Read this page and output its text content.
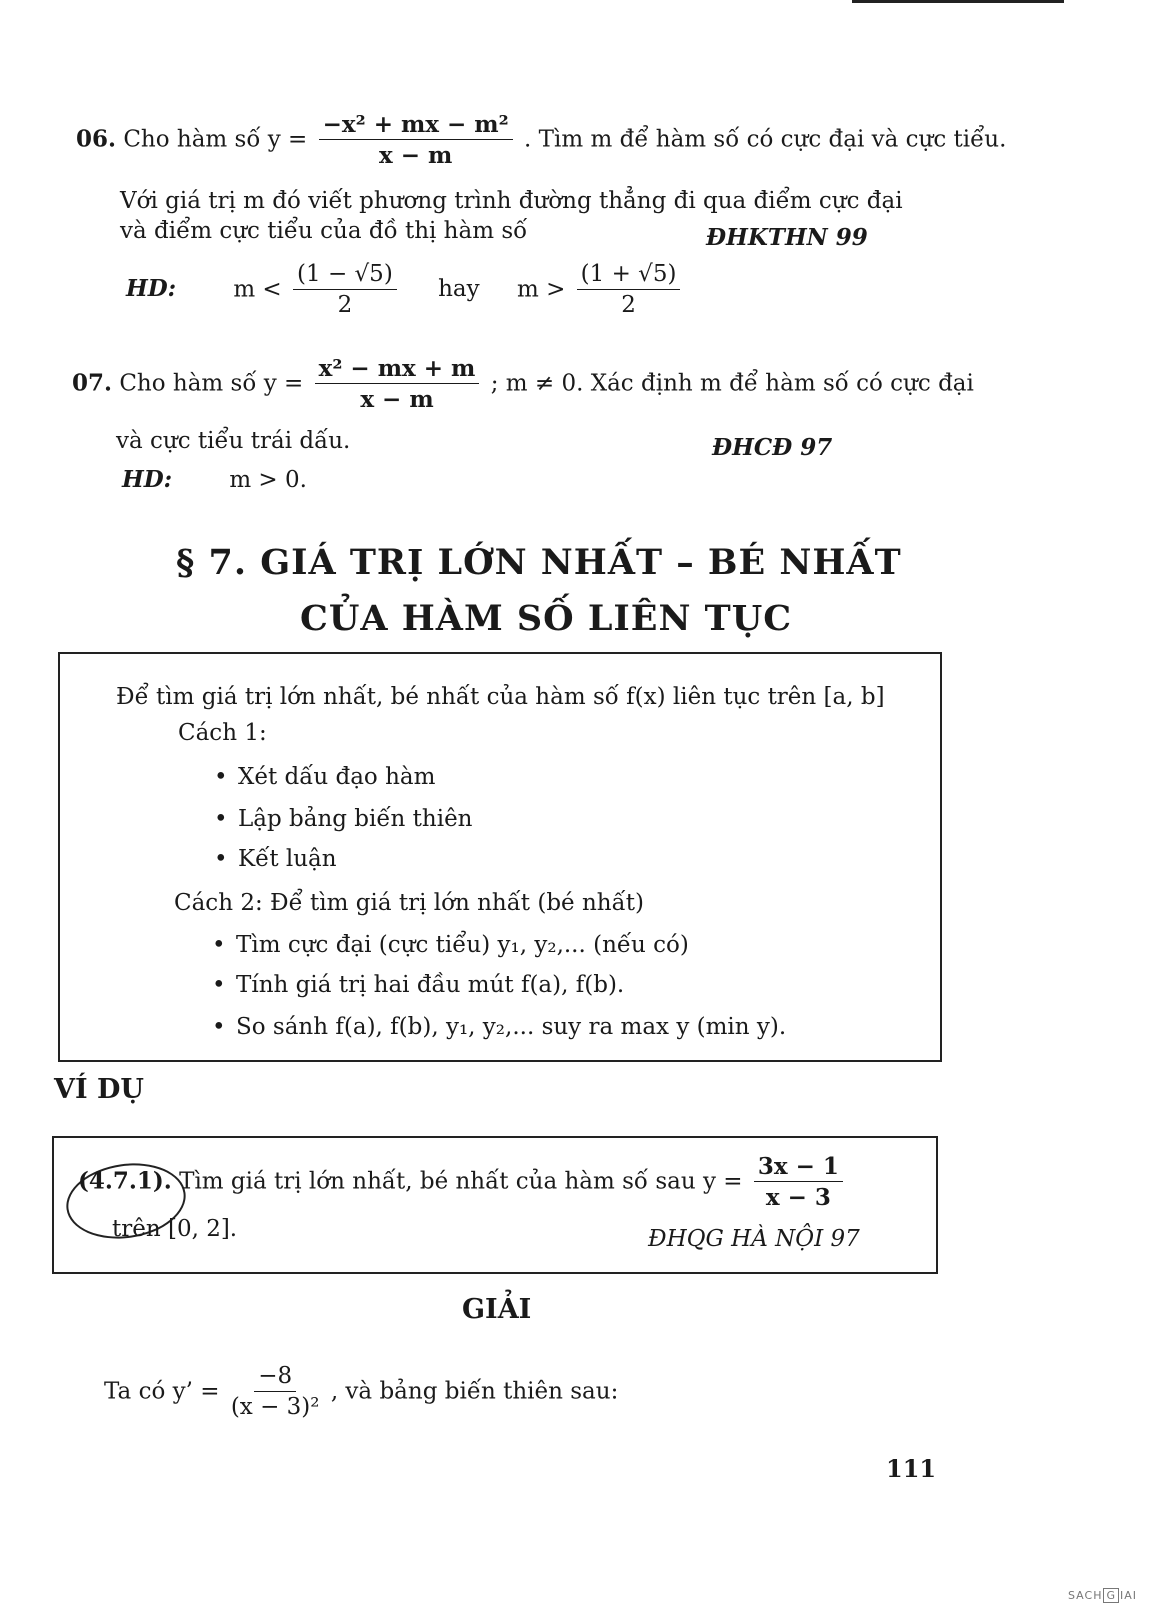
06. Cho hàm số $y = \frac{\text{−x² + mx − m²}}{x - m}$ . Tìm m để hàm số có cực đại và cực tiểu.
Với giá trị m đó viết phương trình đường thẳng đi qua điểm cực đại
và điểm cực tiểu của đồ thị hàm số	ĐHKTHN 99
HD: $m < \frac{(1 - √5)}{2}$ hay $m > \frac{(1 + √5)}{2}$
07. Cho hàm số $y = \frac{\text{x² − mx + m}}{x - m}$ ; m ≠ 0. Xác định m để hàm số có cực đại
và cực tiểu trái dấu.	ĐHCĐ 97
HD: m > 0.
§ 7. GIÁ TRỊ LỚN NHẤT – BÉ NHẤT
CỦA HÀM SỐ LIÊN TỤC
Để tìm giá trị lớn nhất, bé nhất của hàm số f(x) liên tục trên [a, b]
Cách 1:
• Xét dấu đạo hàm
• Lập bảng biến thiên
• Kết luận
Cách 2: Để tìm giá trị lớn nhất (bé nhất)
• Tìm cực đại (cực tiểu) y₁, y₂,... (nếu có)
• Tính giá trị hai đầu mút f(a), f(b).
• So sánh f(a), f(b), y₁, y₂,... suy ra max y (min y).
VÍ DỤ
(4.7.1). Tìm giá trị lớn nhất, bé nhất của hàm số sau $y = \frac{3x - 1}{x - 3}$
trên [0, 2].	ĐHQG HÀ NỘI 97
GIẢI
Ta có y’ = $\frac{-8}{\text{(x − 3)²}}$ , và bảng biến thiên sau:
111
SACH G IAI
